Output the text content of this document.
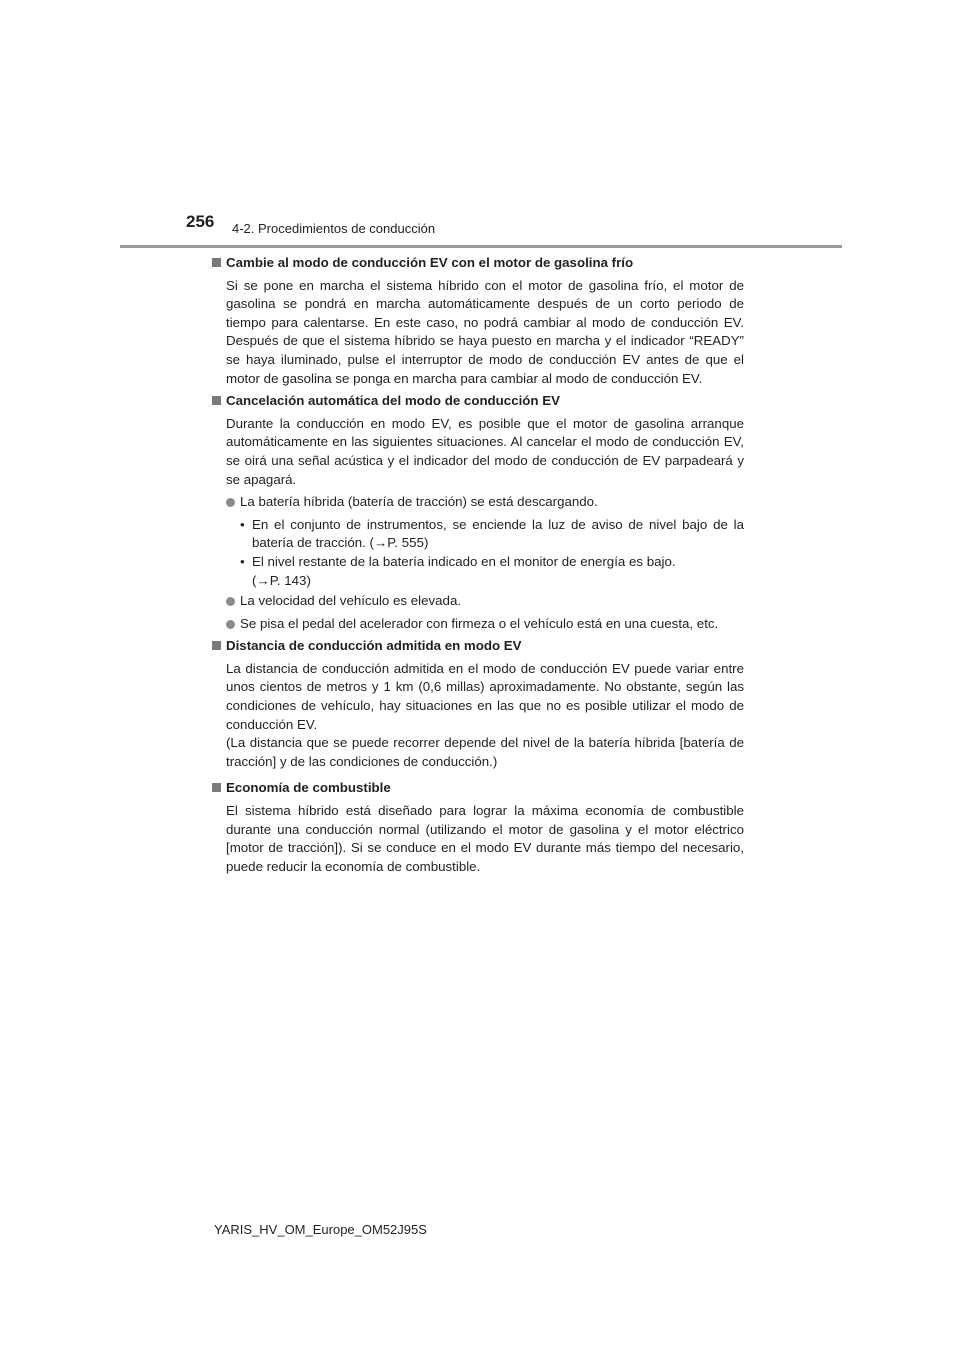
256 4-2. Procedimientos de conducción
Cambie al modo de conducción EV con el motor de gasolina frío
Si se pone en marcha el sistema híbrido con el motor de gasolina frío, el motor de gasolina se pondrá en marcha automáticamente después de un corto periodo de tiempo para calentarse. En este caso, no podrá cambiar al modo de conducción EV. Después de que el sistema híbrido se haya puesto en marcha y el indicador “READY” se haya iluminado, pulse el interruptor de modo de conducción EV antes de que el motor de gasolina se ponga en marcha para cambiar al modo de conducción EV.
Cancelación automática del modo de conducción EV
Durante la conducción en modo EV, es posible que el motor de gasolina arranque automáticamente en las siguientes situaciones. Al cancelar el modo de conducción EV, se oirá una señal acústica y el indicador del modo de conducción de EV parpadeará y se apagará.
La batería híbrida (batería de tracción) se está descargando.
• En el conjunto de instrumentos, se enciende la luz de aviso de nivel bajo de la batería de tracción. (→P. 555)
• El nivel restante de la batería indicado en el monitor de energía es bajo.
(→P. 143)
La velocidad del vehículo es elevada.
Se pisa el pedal del acelerador con firmeza o el vehículo está en una cuesta, etc.
Distancia de conducción admitida en modo EV
La distancia de conducción admitida en el modo de conducción EV puede variar entre unos cientos de metros y 1 km (0,6 millas) aproximadamente. No obstante, según las condiciones de vehículo, hay situaciones en las que no es posible utilizar el modo de conducción EV.
(La distancia que se puede recorrer depende del nivel de la batería híbrida [batería de tracción] y de las condiciones de conducción.)
Economía de combustible
El sistema híbrido está diseñado para lograr la máxima economía de combustible durante una conducción normal (utilizando el motor de gasolina y el motor eléctrico [motor de tracción]). Si se conduce en el modo EV durante más tiempo del necesario, puede reducir la economía de combustible.
YARIS_HV_OM_Europe_OM52J95S
